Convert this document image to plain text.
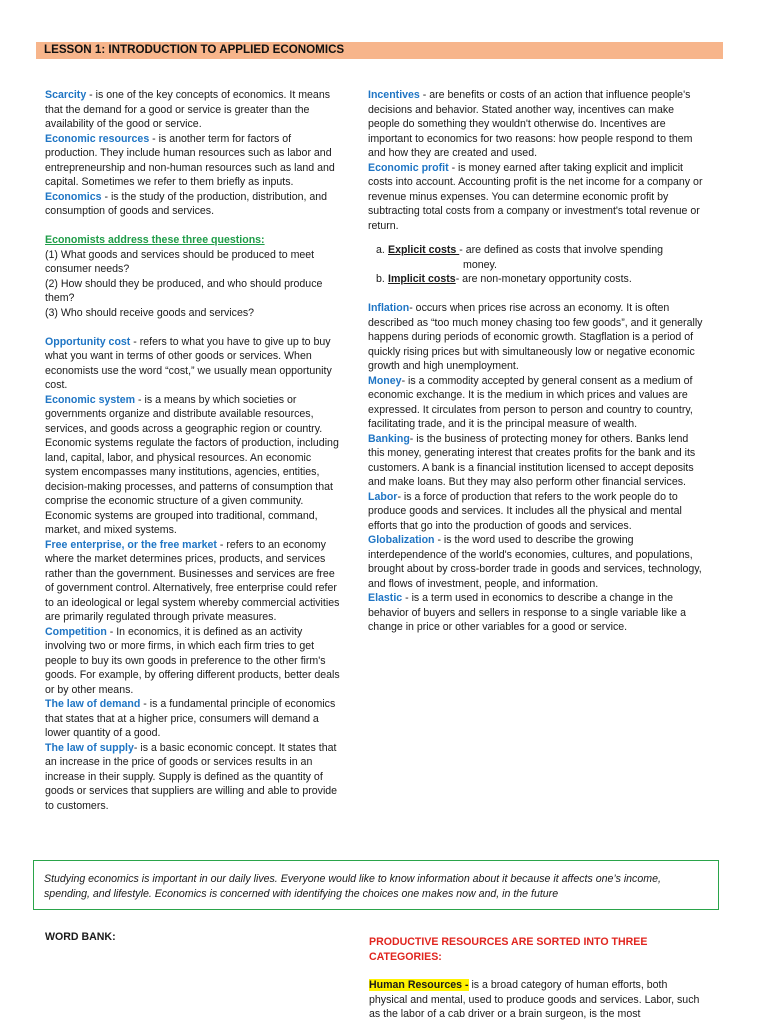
LESSON 1: INTRODUCTION TO APPLIED ECONOMICS

Scarcity - is one of the key concepts of economics. It means that the demand for a good or service is greater than the availability of the good or service.

Economic resources - is another term for factors of production. They include human resources such as labor and entrepreneurship and non-human resources such as land and capital. Sometimes we refer to them briefly as inputs.

Economics - is the study of the production, distribution, and consumption of goods and services.

Economists address these three questions:

(1) What goods and services should be produced to meet consumer needs?

(2) How should they be produced, and who should produce them?

(3) Who should receive goods and services?

Opportunity cost - refers to what you have to give up to buy what you want in terms of other goods or services. When economists use the word “cost,” we usually mean opportunity cost.

Economic system - is a means by which societies or governments organize and distribute available resources, services, and goods across a geographic region or country. Economic systems regulate the factors of production, including land, capital, labor, and physical resources. An economic system encompasses many institutions, agencies, entities, decision-making processes, and patterns of consumption that comprise the economic structure of a given community. Economic systems are grouped into traditional, command, market, and mixed systems.

Free enterprise, or the free market - refers to an economy where the market determines prices, products, and services rather than the government. Businesses and services are free of government control. Alternatively, free enterprise could refer to an ideological or legal system whereby commercial activities are primarily regulated through private measures.

Competition - In economics, it is defined as an activity involving two or more firms, in which each firm tries to get people to buy its own goods in preference to the other firm's goods. For example, by offering different products, better deals or by other means.

The law of demand - is a fundamental principle of economics that states that at a higher price, consumers will demand a lower quantity of a good.

The law of supply- is a basic economic concept. It states that an increase in the price of goods or services results in an increase in their supply. Supply is defined as the quantity of goods or services that suppliers are willing and able to provide to customers.

Incentives - are benefits or costs of an action that influence people's decisions and behavior. Stated another way, incentives can make people do something they wouldn't otherwise do. Incentives are important to economics for two reasons: how people respond to them and how they are created and used.

Economic profit - is money earned after taking explicit and implicit costs into account. Accounting profit is the net income for a company or revenue minus expenses. You can determine economic profit by subtracting total costs from a company or investment's total revenue or return.

a. Explicit costs - are defined as costs that involve spending
money.
b. Implicit costs- are non-monetary opportunity costs.

Inflation- occurs when prices rise across an economy. It is often described as “too much money chasing too few goods”, and it generally happens during periods of economic growth. Stagflation is a period of quickly rising prices but with simultaneously low or negative economic growth and high unemployment.

Money- is a commodity accepted by general consent as a medium of economic exchange. It is the medium in which prices and values are expressed. It circulates from person to person and country to country, facilitating trade, and it is the principal measure of wealth.

Banking- is the business of protecting money for others. Banks lend this money, generating interest that creates profits for the bank and its customers. A bank is a financial institution licensed to accept deposits and make loans. But they may also perform other financial services.

Labor- is a force of production that refers to the work people do to produce goods and services. It includes all the physical and mental efforts that go into the production of goods and services.

Globalization - is the word used to describe the growing interdependence of the world's economies, cultures, and populations, brought about by cross-border trade in goods and services, technology, and flows of investment, people, and information.

Elastic - is a term used in economics to describe a change in the behavior of buyers and sellers in response to a single variable like a change in price or other variables for a good or service.

Studying economics is important in our daily lives. Everyone would like to know information about it because it affects one’s income, spending, and lifestyle. Economics is concerned with identifying the choices one makes now and, in the future
WORD BANK:	PRODUCTIVE RESOURCES ARE SORTED INTO THREE CATEGORIES:
Human Resources - is a broad category of human efforts, both physical and mental, used to produce goods and services. Labor, such as the labor of a cab driver or a brain surgeon, is the most
